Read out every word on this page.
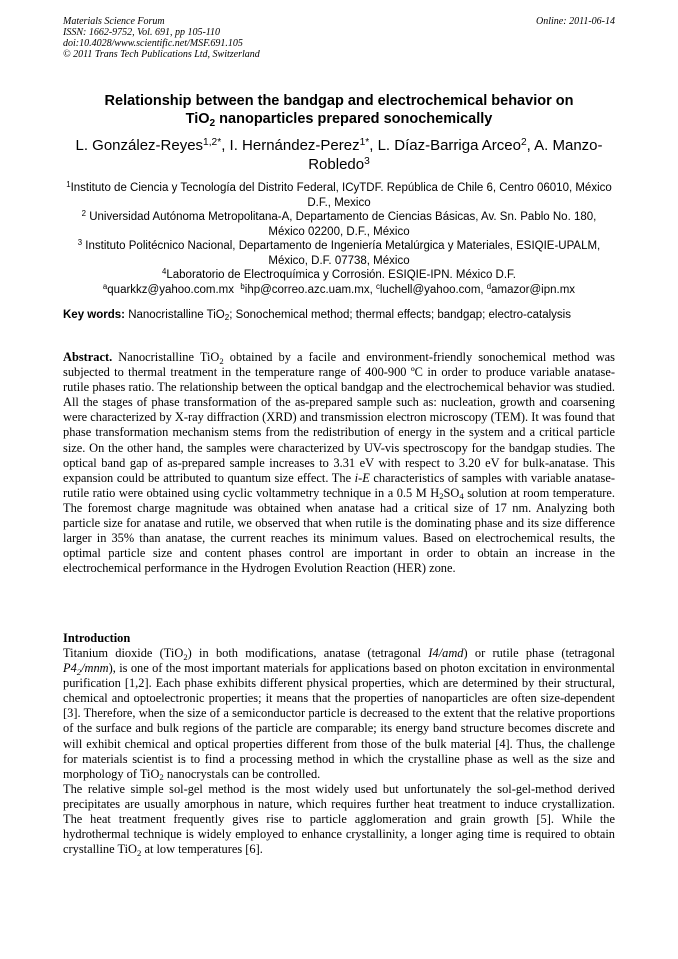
Materials Science Forum
ISSN: 1662-9752, Vol. 691, pp 105-110
doi:10.4028/www.scientific.net/MSF.691.105
© 2011 Trans Tech Publications Ltd, Switzerland
Online: 2011-06-14
Relationship between the bandgap and electrochemical behavior on
TiO$_2$ nanoparticles prepared sonochemically
L. González-Reyes$^{1,2*}$, I. Hernández-Perez$^{1*}$, L. Díaz-Barriga Arceo$^2$, A. Manzo-Robledo$^3$
$^1$Instituto de Ciencia y Tecnología del Distrito Federal, ICyTDF. República de Chile 6, Centro 06010, México D.F., Mexico
$^2$ Universidad Autónoma Metropolitana-A, Departamento de Ciencias Básicas, Av. Sn. Pablo No. 180, México 02200, D.F., México
$^3$ Instituto Politécnico Nacional, Departamento de Ingeniería Metalúrgica y Materiales, ESIQIE-UPALM, México, D.F. 07738, México
$^4$Laboratorio de Electroquímica y Corrosión. ESIQIE-IPN. México D.F.
$^a$quarkkz@yahoo.com.mx $^b$ihp@correo.azc.uam.mx, $^c$luchell@yahoo.com, $^d$amazor@ipn.mx
Key words: Nanocristalline TiO$_2$; Sonochemical method; thermal effects; bandgap; electro-catalysis
Abstract. Nanocristalline TiO$_2$ obtained by a facile and environment-friendly sonochemical method was subjected to thermal treatment in the temperature range of 400-900 ºC in order to produce variable anatase-rutile phases ratio. The relationship between the optical bandgap and the electrochemical behavior was studied. All the stages of phase transformation of the as-prepared sample such as: nucleation, growth and coarsening were characterized by X-ray diffraction (XRD) and transmission electron microscopy (TEM). It was found that phase transformation mechanism stems from the redistribution of energy in the system and a critical particle size. On the other hand, the samples were characterized by UV-vis spectroscopy for the bandgap studies. The optical band gap of as-prepared sample increases to 3.31 eV with respect to 3.20 eV for bulk-anatase. This expansion could be attributed to quantum size effect. The i-E characteristics of samples with variable anatase-rutile ratio were obtained using cyclic voltammetry technique in a 0.5 M $H_2SO_4$ solution at room temperature. The foremost charge magnitude was obtained when anatase had a critical size of 17 nm. Analyzing both particle size for anatase and rutile, we observed that when rutile is the dominating phase and its size difference larger in 35% than anatase, the current reaches its minimum values. Based on electrochemical results, the optimal particle size and content phases control are important in order to obtain an increase in the electrochemical performance in the Hydrogen Evolution Reaction (HER) zone.
Introduction

Titanium dioxide (TiO$_2$) in both modifications, anatase (tetragonal I4/amd) or rutile phase (tetragonal $P4_2/mnm$), is one of the most important materials for applications based on photon excitation in environmental purification [1,2]. Each phase exhibits different physical properties, which are determined by their structural, chemical and optoelectronic properties; it means that the properties of nanoparticles are often size-dependent [3]. Therefore, when the size of a semiconductor particle is decreased to the extent that the relative proportions of the surface and bulk regions of the particle are comparable; its energy band structure becomes discrete and will exhibit chemical and optical properties different from those of the bulk material [4]. Thus, the challenge for materials scientist is to find a processing method in which the crystalline phase as well as the size and morphology of TiO$_2$ nanocrystals can be controlled.

The relative simple sol-gel method is the most widely used but unfortunately the sol-gel-method derived precipitates are usually amorphous in nature, which requires further heat treatment to induce crystallization. The heat treatment frequently gives rise to particle agglomeration and grain growth [5]. While the hydrothermal technique is widely employed to enhance crystallinity, a longer aging time is required to obtain crystalline TiO$_2$ at low temperatures [6].
